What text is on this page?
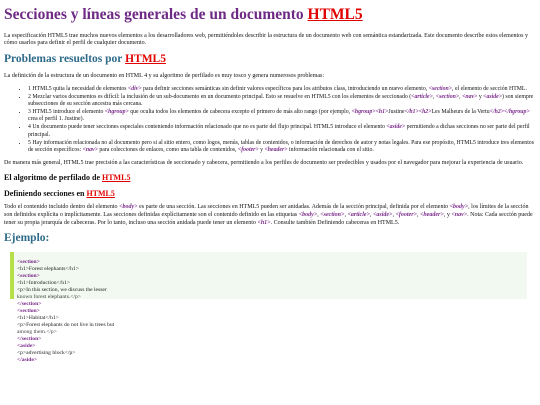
Secciones y líneas generales de un documento HTML5

La especificación HTML5 trae muchos nuevos elementos a los desarrolladores web, permitiéndoles describir la estructura de un documento web con semántica estandarizada. Este documento describe estos elementos y cómo usarlos para definir el perfil de cualquier documento.

Problemas resueltos por HTML5

La definición de la estructura de un documento en HTML 4 y su algoritmo de perfilado es muy tosco y genera numerosos problemas:

• 1 HTML5 quita la necesidad de elementos <div> para definir secciones semánticas sin definir valores específicos para los atributos class, introduciendo un nuevo elemento, <section>, el elemento de sección HTML.
• 2 Mezclar varios documentos es difícil: la inclusión de un sub-documento en un documento principal. Esto se resuelve en HTML5 con los elementos de seccionado (<article>, <section>, <nav> y <aside>) son siempre subsecciones de su sección ancestra más cercana.
• 3 HTML5 introduce el elemento <hgroup> que oculta todos los elementos de cabecera excepto el primero de más alto rango (por ejemplo, <hgroup><h1>Justine</h1><h2>Les Malheurs de la Vertu</h2></hgroup> crea el perfil 1. Justine).
• 4 Un documento puede tener secciones especiales conteniendo información relacionado que no es parte del flujo principal. HTML5 introduce el elemento <aside> permitiendo a dichas secciones no ser parte del perfil principal.
• 5 Hay información relacionada no al documento pero si al sitio entero, como logos, menús, tablas de contenidos, o información de derechos de autor y notas legales. Para ese propósito, HTML5 introduce tres elementos de sección específicos: <nav> para colecciones de enlaces, como una tabla de contenidos, <footer> y <header> información relacionada con el sitio.

De manera más general, HTML5 trae precisión a las características de seccionado y cabecera, permitiendo a los perfiles de documento ser predecibles y usados por el navegador para mejorar la experiencia de usuario.

El algoritmo de perfilado de HTML5
Definiendo secciones en HTML5

Todo el contenido incluido dentro del elemento <body> es parte de una sección. Las secciones en HTML5 pueden ser anidadas. Además de la sección principal, definida por el elemento <body>, los límites de la sección son definidos explícita o implícitamente. Las secciones definidas explícitamente son el contenido definido en las etiquetas <body>, <section>, <article>, <aside>, <footer>, <header>, y <nav>. Nota: Cada sección puede tener su propia jerarquía de cabeceras. Por lo tanto, incluso una sección anidada puede tener un elemento <h1>. Consulte también Definiendo cabeceras en HTML5.

Ejemplo:
<section>
<h1>Forest elephants</h1>
<section>
<h1>Introduction</h1>
<p>In this section, we discuss the lesser
known forest elephants.</p>
</section>
<section>
<h1>Habitat</h1>
<p>Forest elephants do not live in trees but
among them.</p>
</section>
<aside>
<p>advertising block</p>
</aside>
